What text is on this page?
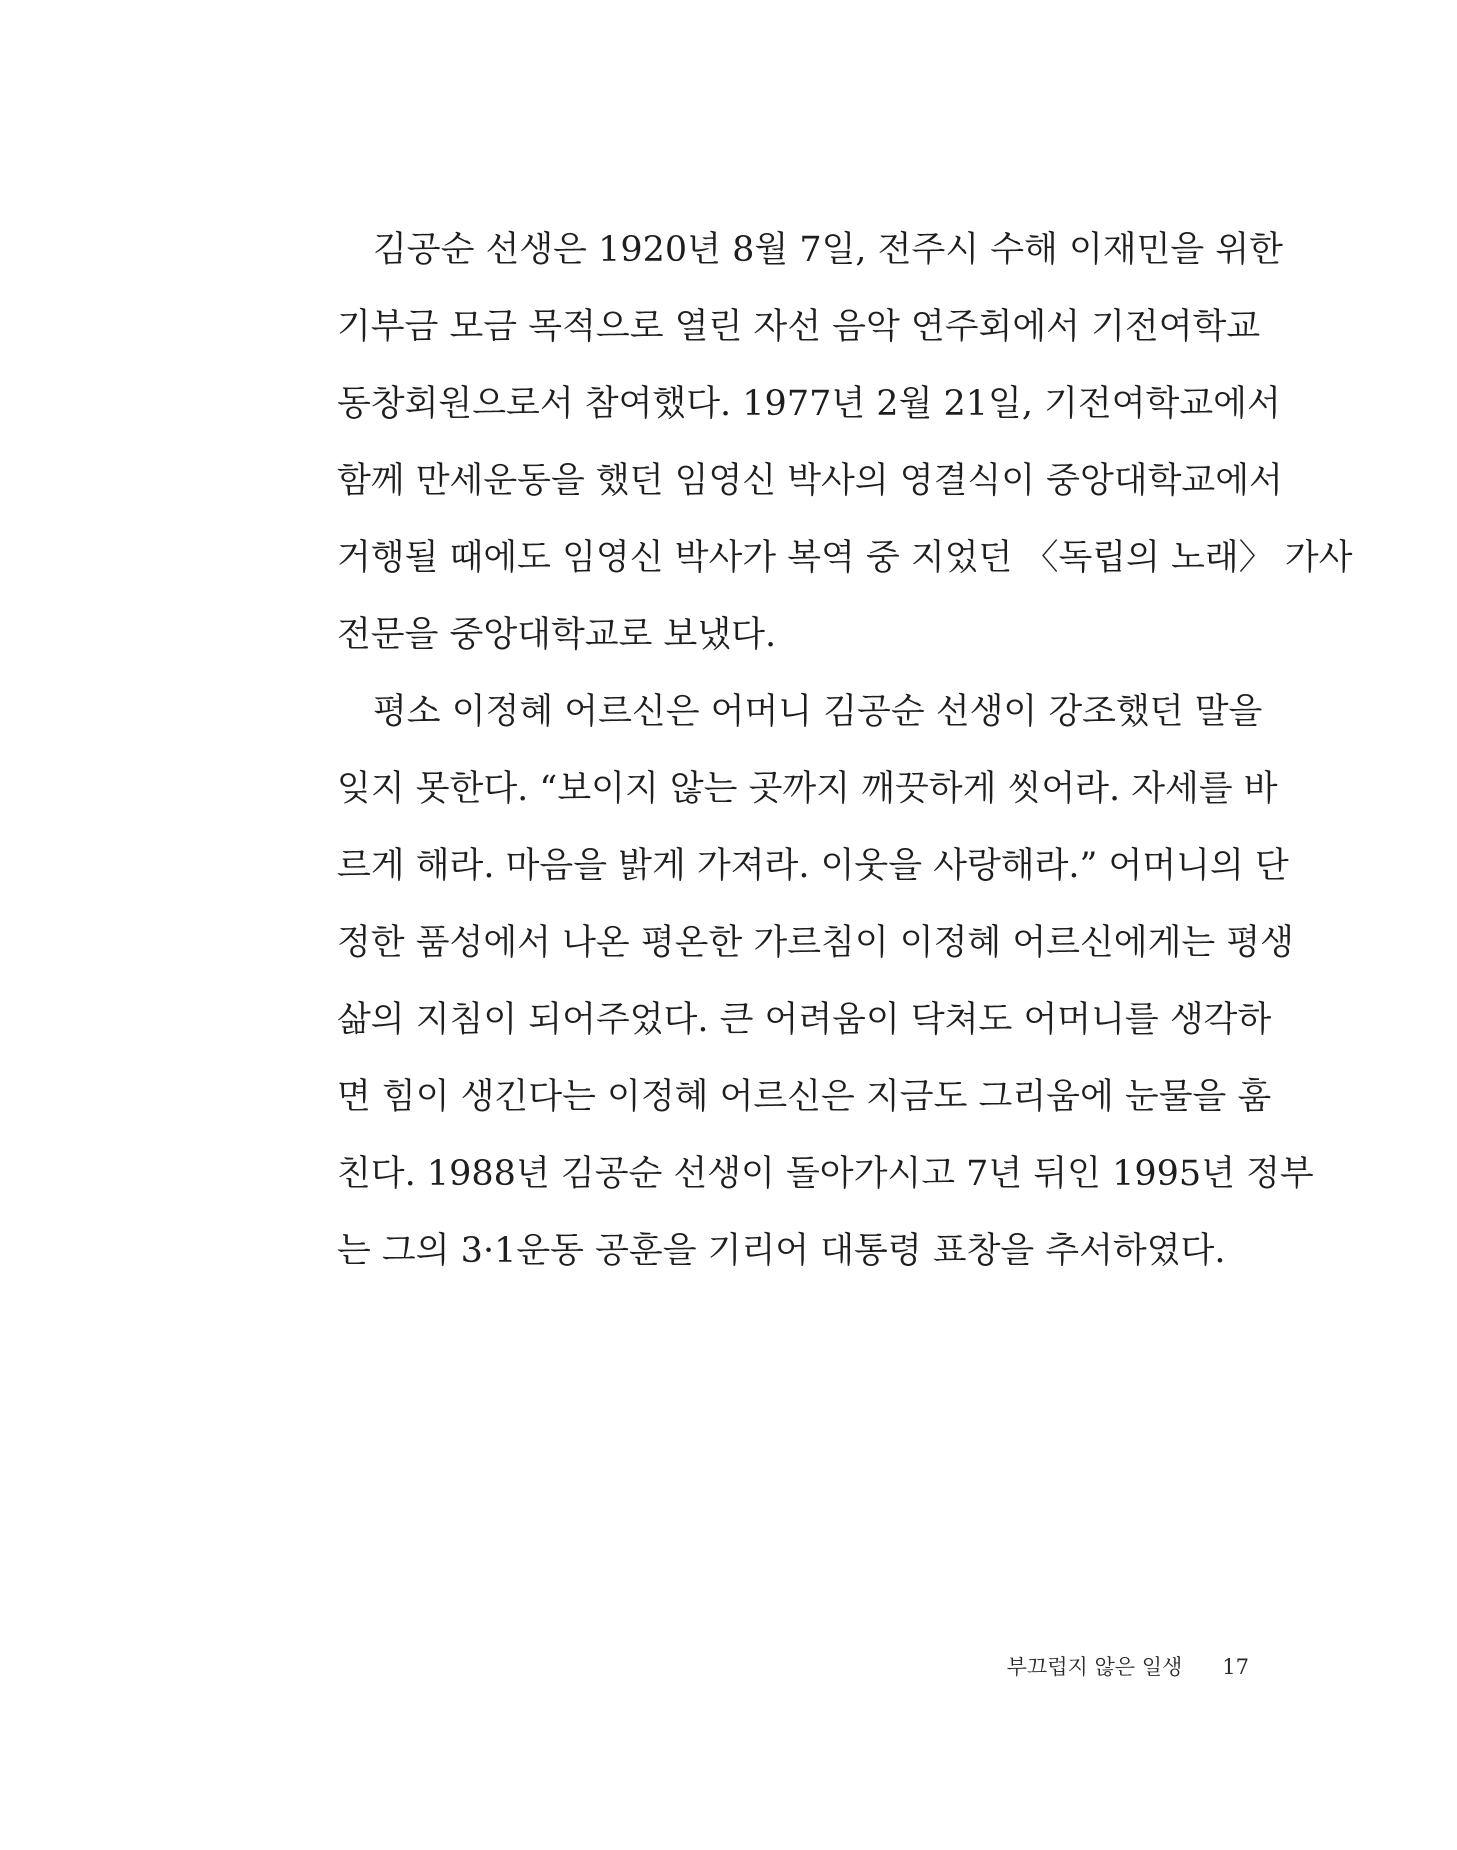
김공순 선생은 1920년 8월 7일, 전주시 수해 이재민을 위한
기부금 모금 목적으로 열린 자선 음악 연주회에서 기전여학교
동창회원으로서 참여했다. 1977년 2월 21일, 기전여학교에서
함께 만세운동을 했던 임영신 박사의 영결식이 중앙대학교에서
거행될 때에도 임영신 박사가 복역 중 지었던 〈독립의 노래〉 가사
전문을 중앙대학교로 보냈다.
평소 이정혜 어르신은 어머니 김공순 선생이 강조했던 말을
잊지 못한다. “보이지 않는 곳까지 깨끗하게 씻어라. 자세를 바
르게 해라. 마음을 밝게 가져라. 이웃을 사랑해라.” 어머니의 단
정한 품성에서 나온 평온한 가르침이 이정혜 어르신에게는 평생
삶의 지침이 되어주었다. 큰 어려움이 닥쳐도 어머니를 생각하
면 힘이 생긴다는 이정혜 어르신은 지금도 그리움에 눈물을 훔
친다. 1988년 김공순 선생이 돌아가시고 7년 뒤인 1995년 정부
는 그의 3·1운동 공훈을 기리어 대통령 표창을 추서하였다.
부끄럽지 않은 일생 17
